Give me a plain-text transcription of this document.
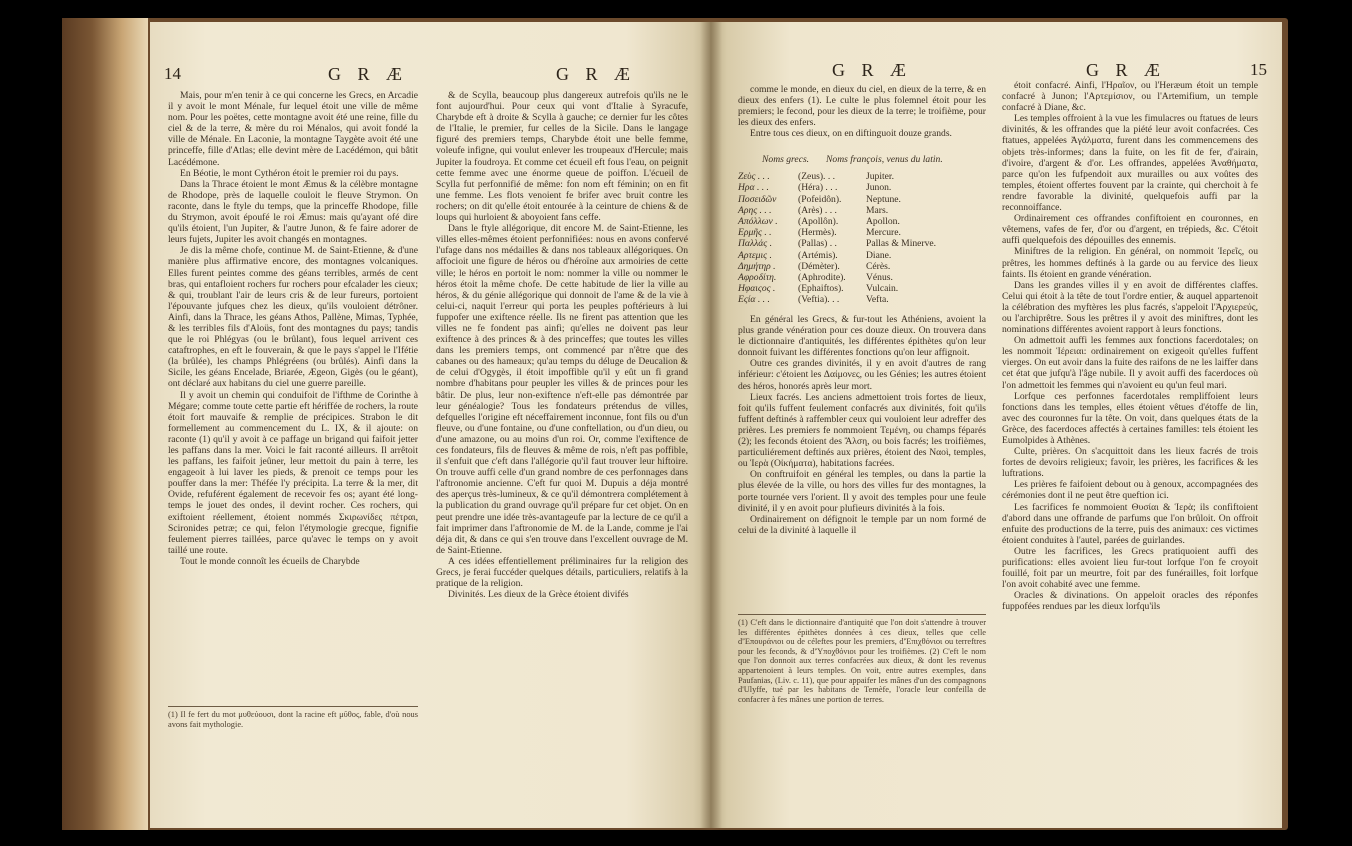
14	G R Æ	G R Æ

Mais, pour m'en tenir à ce qui concerne les Grecs, en Arcadie il y avoit le mont Ménale, fur lequel étoit une ville de même nom. Pour les poëtes, cette montagne avoit été une reine, fille du ciel & de la terre, & mère du roi Ménalos, qui avoit fondé la ville de Ménale. En Laconie, la montagne Taygète avoit été une princeffe, fille d'Atlas; elle devint mère de Lacédémon, qui bâtit Lacédémone.

En Béotie, le mont Cythéron étoit le premier roi du pays.

Dans la Thrace étoient le mont Æmus & la célèbre montagne de Rhodope, près de laquelle couloit le fleuve Strymon. On raconte, dans le ftyle du temps, que la princeffe Rhodope, fille du Strymon, avoit époufé le roi Æmus: mais qu'ayant ofé dire qu'ils étoient, l'un Jupiter, & l'autre Junon, & fe faire adorer de leurs fujets, Jupiter les avoit changés en montagnes.

Je dis la même chofe, continue M. de Saint-Etienne, & d'une manière plus affirmative encore, des montagnes volcaniques. Elles furent peintes comme des géans terribles, armés de cent bras, qui entafloient rochers fur rochers pour efcalader les cieux; & qui, troublant l'air de leurs cris & de leur fureurs, portoient l'épouvante jufques chez les dieux, qu'ils vouloient détrôner. Ainfi, dans la Thrace, les géans Athos, Pallène, Mimas, Typhée, & les terribles fils d'Aloüs, font des montagnes du pays; tandis que le roi Phlégyas (ou le brûlant), fous lequel arrivent ces cataftrophes, en eft le fouverain, & que le pays s'appel le l'Ifétie (la brûlée), les champs Phlégréens (ou brûlés). Ainfi dans la Sicile, les géans Encelade, Briarée, Ægeon, Gigès (ou le géant), ont déclaré aux habitans du ciel une guerre pareille.

Il y avoit un chemin qui conduifoit de l'ifthme de Corinthe à Mégare; comme toute cette partie eft hériffée de rochers, la route étoit fort mauvaife & remplie de précipices. Strabon le dit formellement au commencement du L. IX, & il ajoute: on raconte (1) qu'il y avoit à ce paffage un brigand qui faifoit jetter les paffans dans la mer. Voici le fait raconté ailleurs. Il arrêtoit les paffans, les faifoit jeûner, leur mettoit du pain à terre, les engageoit à lui laver les pieds, & prenoit ce temps pour les pouffer dans la mer: Théfée l'y précipita. La terre & la mer, dit Ovide, refuférent également de recevoir fes os; ayant été long-temps le jouet des ondes, il devint rocher. Ces rochers, qui exiftoient réellement, étoient nommés Σκιρωνίδες πέτραι, Scironides petræ; ce qui, felon l'étymologie grecque, fignifie feulement pierres taillées, parce qu'avec le temps on y avoit taillé une route.

Tout le monde connoît les écueils de Charybde

(1) Il fe fert du mot μυθεύουσι, dont la racine eft μῦθος, fable, d'où nous avons fait mythologie.

& de Scylla, beaucoup plus dangereux autrefois qu'ils ne le font aujourd'hui. Pour ceux qui vont d'Italie à Syracufe, Charybde eft à droite & Scylla à gauche; ce dernier fur les côtes de l'Italie, le premier, fur celles de la Sicile. Dans le langage figuré des premiers temps, Charybde étoit une belle femme, voleufe infigne, qui voulut enlever les troupeaux d'Hercule; mais Jupiter la foudroya. Et comme cet écueil eft fous l'eau, on peignit cette femme avec une énorme queue de poiffon. L'écueil de Scylla fut perfonnifié de même: fon nom eft féminin; on en fit une femme. Les flots venoient fe brifer avec bruit contre les rochers; on dit qu'elle étoit entourée à la ceinture de chiens & de loups qui hurloient & aboyoient fans ceffe.

Dans le ftyle allégorique, dit encore M. de Saint-Etienne, les villes elles-mêmes étoient perfonnifiées: nous en avons confervé l'ufage dans nos médailles & dans nos tableaux allégoriques. On affocioit une figure de héros ou d'héroïne aux armoiries de cette ville; le héros en portoit le nom: nommer la ville ou nommer le héros étoit la même chofe. De cette habitude de lier la ville au héros, & du génie allégorique qui donnoit de l'ame & de la vie à celui-ci, naquit l'erreur qui porta les peuples poftérieurs à lui fuppofer une exiftence réelle. Ils ne firent pas attention que les villes ne fe fondent pas ainfi; qu'elles ne doivent pas leur exiftence à des princes & à des princeffes; que toutes les villes dans les premiers temps, ont commencé par n'être que des cabanes ou des hameaux; qu'au temps du déluge de Deucalion & de celui d'Ogygès, il étoit impoffible qu'il y eût un fi grand nombre d'habitans pour peupler les villes & de princes pour les bâtir. De plus, leur non-exiftence n'eft-elle pas démontrée par leur généalogie? Tous les fondateurs prétendus de villes, defquelles l'origine eft néceffairement inconnue, font fils ou d'un fleuve, ou d'une fontaine, ou d'une conftellation, ou d'un dieu, ou d'une amazone, ou au moins d'un roi. Or, comme l'exiftence de ces fondateurs, fils de fleuves & même de rois, n'eft pas poffible, il s'enfuit que c'eft dans l'allégorie qu'il faut trouver leur hiftoire. On trouve auffi celle d'un grand nombre de ces perfonnages dans l'aftronomie ancienne. C'eft fur quoi M. Dupuis a déja montré des aperçus très-lumineux, & ce qu'il démontrera complétement à la publication du grand ouvrage qu'il prépare fur cet objet. On en peut prendre une idée très-avantageufe par la lecture de ce qu'il a fait imprimer dans l'aftronomie de M. de la Lande, comme je l'ai déja dit, & dans ce qui s'en trouve dans l'excellent ouvrage de M. de Saint-Etienne.

A ces idées effentiellement préliminaires fur la religion des Grecs, je ferai fuccéder quelques détails, particuliers, relatifs à la pratique de la religion.

Divinités. Les dieux de la Grèce étoient divifés

G R Æ	G R Æ	15

comme le monde, en dieux du ciel, en dieux de la terre, & en dieux des enfers (1). Le culte le plus folemnel étoit pour les premiers; le fecond, pour les dieux de la terre; le troifième, pour les dieux des enfers.

Entre tous ces dieux, on en diftinguoit douze grands.

Noms grecs.	Noms françois, venus du latin.
Ζεὺς . . .	(Zeus). . .	Jupiter.
Ηρα . . .	(Héra) . . .	Junon.
Ποσειδῶν	(Pofeidôn).	Neptune.
Αρης . . .	(Arès) . . .	Mars.
Απόλλων .	(Apollôn).	Apollon.
Ερμῆς . .	(Hermès).	Mercure.
Παλλάς .	(Pallas) . .	Pallas & Minerve.
Αρτεμις .	(Artémis).	Diane.
Δημήτηρ .	(Démèter).	Cérès.
Αφροδίτη.	(Aphrodite).	Vénus.
Ηφαιςος .	(Ephaiftos).	Vulcain.
Εςία . . .	(Veftia). . .	Vefta.

En général les Grecs, & fur-tout les Athéniens, avoient la plus grande vénération pour ces douze dieux. On trouvera dans le dictionnaire d'antiquités, les différentes épithètes qu'on leur donnoit fuivant les différentes fonctions qu'on leur affignoit.

Outre ces grandes divinités, il y en avoit d'autres de rang inférieur: c'étoient les Δαίμονες, ou les Génies; les autres étoient des héros, honorés après leur mort.

Lieux facrés. Les anciens admettoient trois fortes de lieux, foit qu'ils fuffent feulement confacrés aux divinités, foit qu'ils fuffent deftinés à raffembler ceux qui vouloient leur adreffer des prières. Les premiers fe nommoient Τεμένη, ou champs féparés (2); les feconds étoient des Ἄλση, ou bois facrés; les troifièmes, particuliérement deftinés aux prières, étoient des Ναοὶ, temples, ou Ἱερὰ (Οἰκήματα), habitations facrées.

On conftruifoit en général les temples, ou dans la partie la plus élevée de la ville, ou hors des villes fur des montagnes, la porte tournée vers l'orient. Il y avoit des temples pour une feule divinité, il y en avoit pour plufieurs divinités à la fois.

Ordinairement on défignoit le temple par un nom formé de celui de la divinité à laquelle il

(1) C'eft dans le dictionnaire d'antiquité que l'on doit s'attendre à trouver les différentes épithètes données à ces dieux, telles que celle d'Ἐπουράνιοι ou de céleftes pour les premiers, d'Ἐπιχθόνιοι ou terreftres pour les feconds, & d'Ὑποχθόνιοι pour les troifièmes. (2) C'eft le nom que l'on donnoit aux terres confacrées aux dieux, & dont les revenus appartenoient à leurs temples. On voit, entre autres exemples, dans Paufanias, (Liv. c. 11), que pour appaifer les mânes d'un des compagnons d'Ulyffe, tué par les habitans de Temèfe, l'oracle leur confeilla de confacrer à fes mânes une portion de terres.

étoit confacré. Ainfi, l'Ηραῖον, ou l'Heræum étoit un temple confacré à Junon; l'Αρτεμίσιον, ou l'Artemifium, un temple confacré à Diane, &c.

Les temples offroient à la vue les fimulacres ou ftatues de leurs divinités, & les offrandes que la piété leur avoit confacrées. Ces ftatues, appelées Ἀγάλματα, furent dans les commencemens des objets très-informes; dans la fuite, on les fit de fer, d'airain, d'ivoire, d'argent & d'or. Les offrandes, appelées Ἀναθήματα, parce qu'on les fufpendoit aux murailles ou aux voûtes des temples, étoient offertes fouvent par la crainte, qui cherchoit à fe rendre favorable la divinité, quelquefois auffi par la reconnoiffance.

Ordinairement ces offrandes confiftoient en couronnes, en vêtemens, vafes de fer, d'or ou d'argent, en trépieds, &c. C'étoit auffi quelquefois des dépouilles des ennemis.

Miniftres de la religion. En général, on nommoit Ἱερεῖς, ou prêtres, les hommes deftinés à la garde ou au fervice des lieux faints. Ils étoient en grande vénération.

Dans les grandes villes il y en avoit de différentes claffes. Celui qui étoit à la tête de tout l'ordre entier, & auquel appartenoit la célébration des myftères les plus facrés, s'appeloit l'Ἀρχιερεύς, ou l'archiprêtre. Sous les prêtres il y avoit des miniftres, dont les nominations différentes avoient rapport à leurs fonctions.

On admettoit auffi les femmes aux fonctions facerdotales; on les nommoit Ἱέρειαι: ordinairement on exigeoit qu'elles fuffent vierges. On eut avoir dans la fuite des raifons de ne les laiffer dans cet état que jufqu'à l'âge nubile. Il y avoit auffi des facerdoces où l'on admettoit les femmes qui n'avoient eu qu'un feul mari.

Lorfque ces perfonnes facerdotales rempliffoient leurs fonctions dans les temples, elles étoient vêtues d'étoffe de lin, avec des couronnes fur la tête. On voit, dans quelques états de la Grèce, des facerdoces affectés à certaines familles: tels étoient les Eumolpides à Athènes.

Culte, prières. On s'acquittoit dans les lieux facrés de trois fortes de devoirs religieux; favoir, les prières, les facrifices & les luftrations.

Les prières fe faifoient debout ou à genoux, accompagnées des cérémonies dont il ne peut être queftion ici.

Les facrifices fe nommoient Θυσίαι & Ἱερὰ; ils confiftoient d'abord dans une offrande de parfums que l'on brûloit. On offroit enfuite des productions de la terre, puis des animaux: ces victimes étoient conduites à l'autel, parées de guirlandes.

Outre les facrifices, les Grecs pratiquoient auffi des purifications: elles avoient lieu fur-tout lorfque l'on fe croyoit fouillé, foit par un meurtre, foit par des funérailles, foit lorfque l'on avoit cohabité avec une femme.

Oracles & divinations. On appeloit oracles des réponfes fuppofées rendues par les dieux lorfqu'ils
